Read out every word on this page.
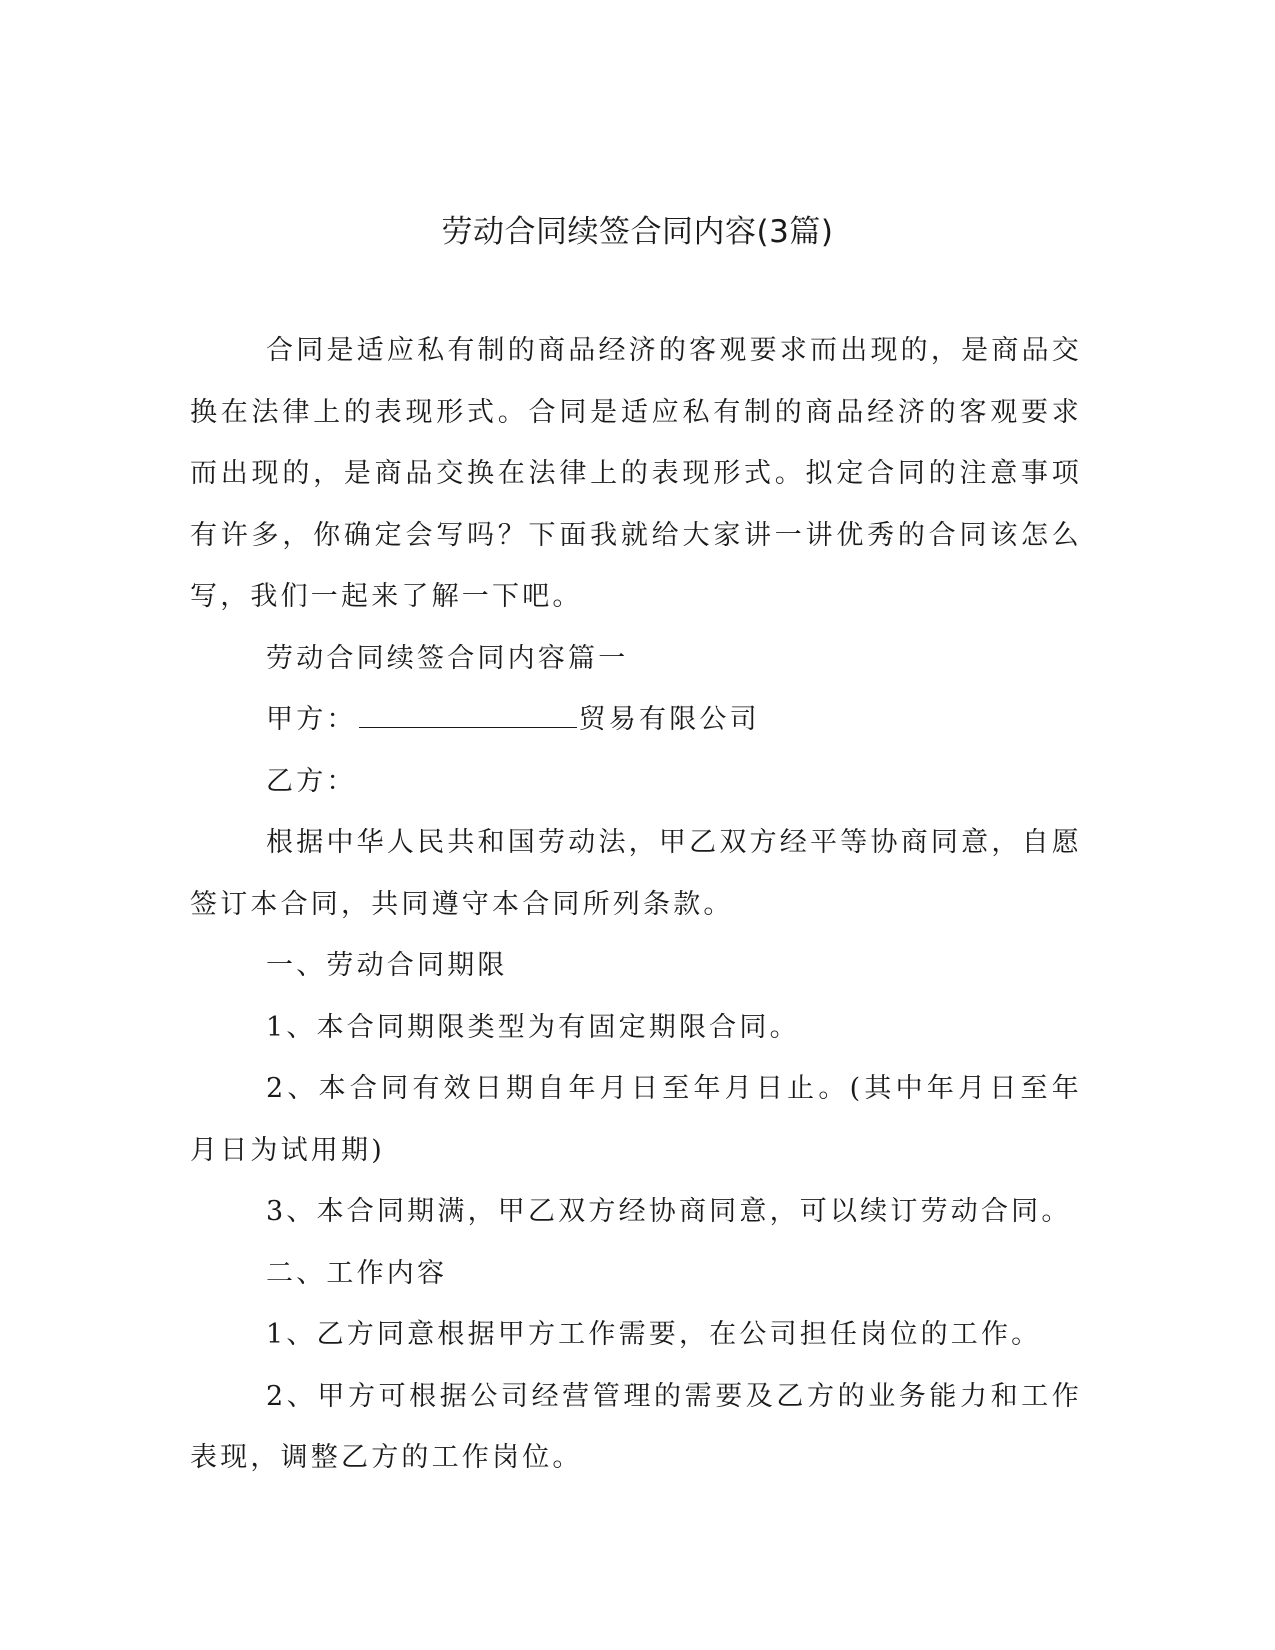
劳动合同续签合同内容(3篇)

合同是适应私有制的商品经济的客观要求而出现的，是商品交换在法律上的表现形式。合同是适应私有制的商品经济的客观要求而出现的，是商品交换在法律上的表现形式。拟定合同的注意事项有许多，你确定会写吗？下面我就给大家讲一讲优秀的合同该怎么写，我们一起来了解一下吧。

劳动合同续签合同内容篇一

甲方：	贸易有限公司

乙方：

根据中华人民共和国劳动法，甲乙双方经平等协商同意，自愿签订本合同，共同遵守本合同所列条款。

一、劳动合同期限

1、本合同期限类型为有固定期限合同。

2、本合同有效日期自年月日至年月日止。(其中年月日至年月日为试用期)

3、本合同期满，甲乙双方经协商同意，可以续订劳动合同。

二、工作内容

1、乙方同意根据甲方工作需要，在公司担任岗位的工作。

2、甲方可根据公司经营管理的需要及乙方的业务能力和工作表现，调整乙方的工作岗位。
